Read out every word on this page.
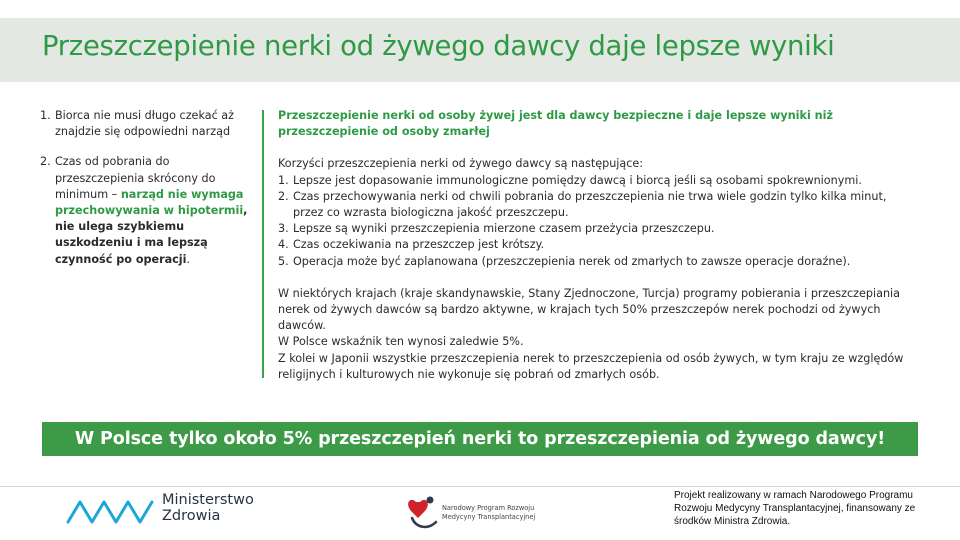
Przeszczepienie nerki od żywego dawcy daje lepsze wyniki
1. Biorca nie musi długo czekać aż znajdzie się odpowiedni narząd
2. Czas od pobrania do przeszczepienia skrócony do minimum – narząd nie wymaga przechowywania w hipotermii, nie ulega szybkiemu uszkodzeniu i ma lepszą czynność po operacji.

Przeszczepienie nerki od osoby żywej jest dla dawcy bezpieczne i daje lepsze wyniki niż przeszczepienie od osoby zmarłej

Korzyści przeszczepienia nerki od żywego dawcy są następujące:

1. Lepsze jest dopasowanie immunologiczne pomiędzy dawcą i biorcą jeśli są osobami spokrewnionymi.
2. Czas przechowywania nerki od chwili pobrania do przeszczepienia nie trwa wiele godzin tylko kilka minut, przez co wzrasta biologiczna jakość przeszczepu.
3. Lepsze są wyniki przeszczepienia mierzone czasem przeżycia przeszczepu.
4. Czas oczekiwania na przeszczep jest krótszy.
5. Operacja może być zaplanowana (przeszczepienia nerek od zmarłych to zawsze operacje doraźne).

W niektórych krajach (kraje skandynawskie, Stany Zjednoczone, Turcja) programy pobierania i przeszczepiania nerek od żywych dawców są bardzo aktywne, w krajach tych 50% przeszczepów nerek pochodzi od żywych dawców.

W Polsce wskaźnik ten wynosi zaledwie 5%.

Z kolei w Japonii wszystkie przeszczepienia nerek to przeszczepienia od osób żywych, w tym kraju ze względów religijnych i kulturowych nie wykonuje się pobrań od zmarłych osób.

W Polsce tylko około 5% przeszczepień nerki to przeszczepienia od żywego dawcy!
Ministerstwo
Zdrowia	Narodowy Program Rozwoju
Medycyny Transplantacyjnej
Projekt realizowany w ramach Narodowego Programu Rozwoju Medycyny Transplantacyjnej, finansowany ze środków Ministra Zdrowia.
